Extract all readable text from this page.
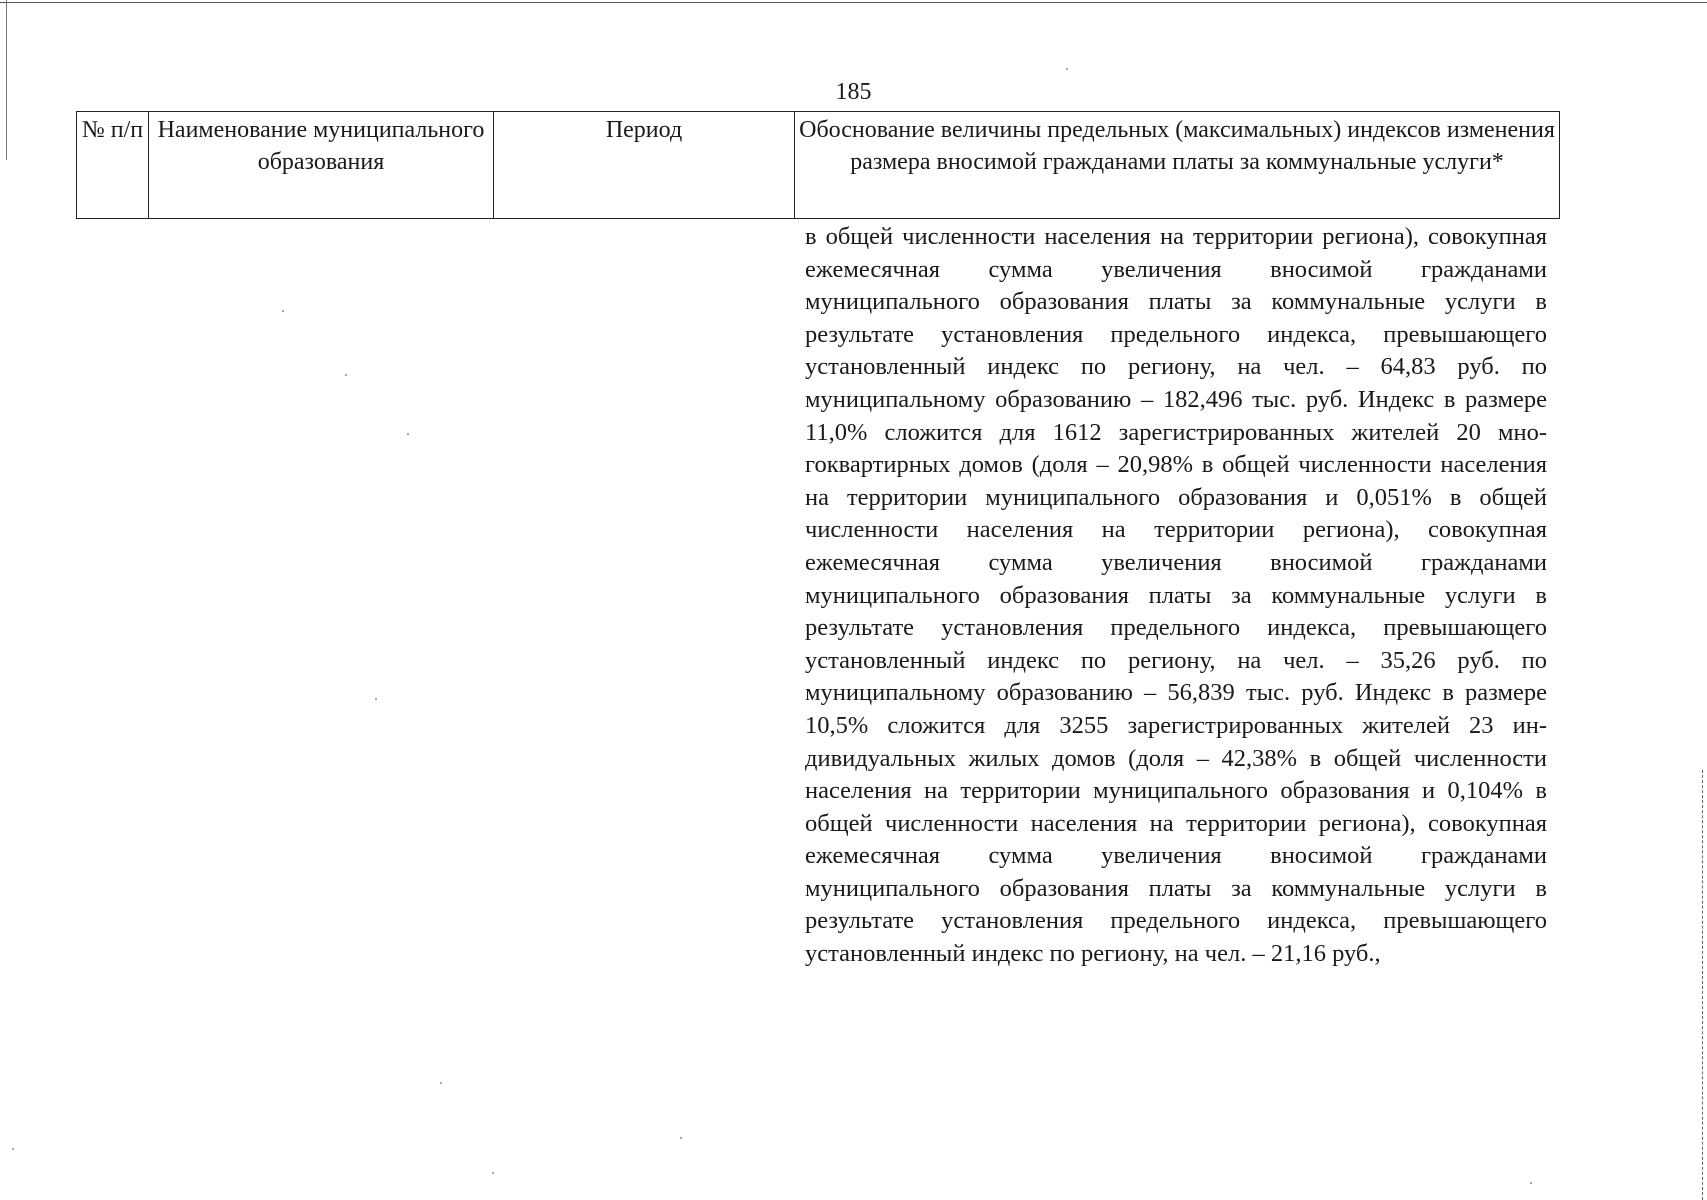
185
№ п/п	Наименование муниципального образования	Период	Обоснование величины предельных (максимальных) индексов изменения размера вносимой гражданами платы за коммунальные услуги*
в общей численности населения на территории региона), совокупная ежемесячная сумма увеличения вносимой гражданами муниципального образования платы за коммунальные услуги в результате установления предельного индекса, превышающего установленный индекс по региону, на чел. – 64,83 руб. по муниципальному образованию – 182,496 тыс. руб. Индекс в размере 11,0% сложится для 1612 зарегистрированных жителей 20 многоквартирных домов (доля – 20,98% в общей численности населения на территории муниципального образования и 0,051% в общей численности населения на территории региона), совокупная ежемесячная сумма увеличения вносимой гражданами муниципального образования платы за коммунальные услуги в результате установления предельного индекса, превышающего установленный индекс по региону, на чел. – 35,26 руб. по муниципальному образованию – 56,839 тыс. руб. Индекс в размере 10,5% сложится для 3255 зарегистрированных жителей 23 индивидуальных жилых домов (доля – 42,38% в общей численности населения на территории муниципального образования и 0,104% в общей численности населения на территории региона), совокупная ежемесячная сумма увеличения вносимой гражданами муниципального образования платы за коммунальные услуги в результате установления предельного индекса, превышающего установленный индекс по региону, на чел. – 21,16 руб.,
